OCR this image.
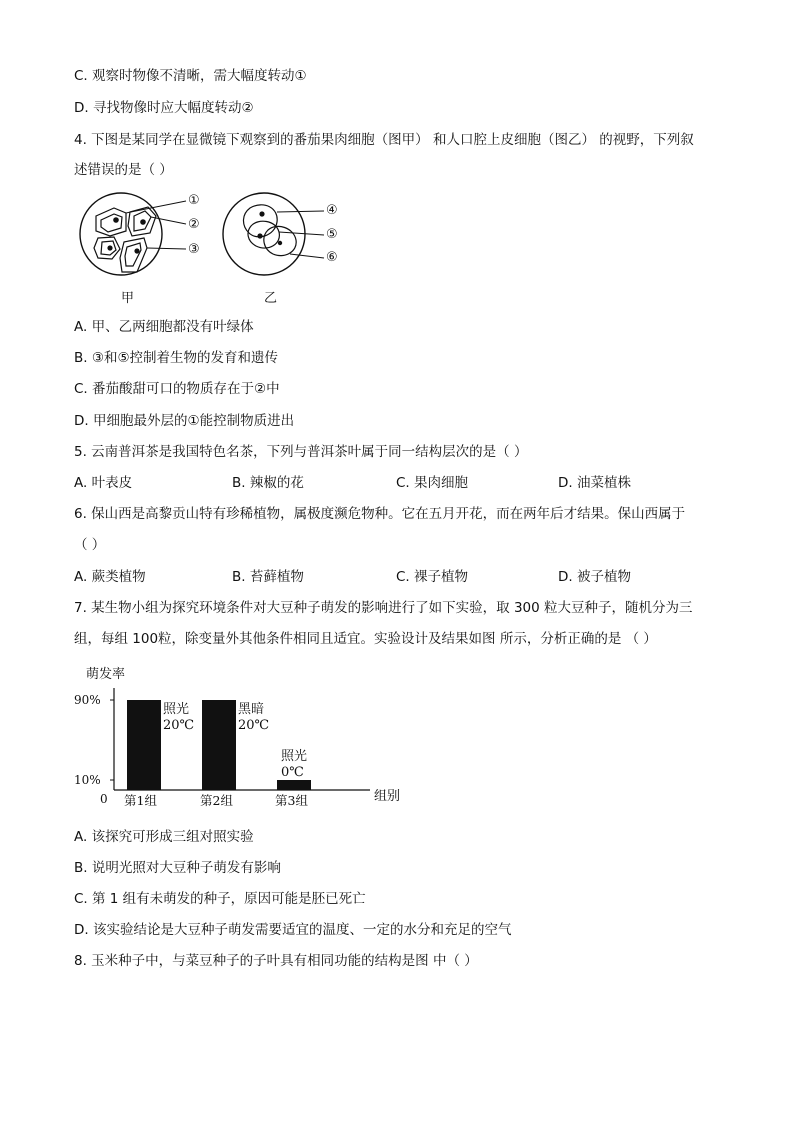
C. 观察时物像不清晰，需大幅度转动①
D. 寻找物像时应大幅度转动②
4. 下图是某同学在显微镜下观察到的番茄果肉细胞（图甲） 和人口腔上皮细胞（图乙） 的视野，下列叙
述错误的是（ ）
①
②
③
④
⑤
⑥
甲	乙
A. 甲、乙两细胞都没有叶绿体
B. ③和⑤控制着生物的发育和遗传
C. 番茄酸甜可口的物质存在于②中
D. 甲细胞最外层的①能控制物质进出
5. 云南普洱茶是我国特色名茶，下列与普洱茶叶属于同一结构层次的是（ ）
A. 叶表皮	B. 辣椒的花	C. 果肉细胞	D. 油菜植株
6. 保山西是高黎贡山特有珍稀植物，属极度濒危物种。它在五月开花，而在两年后才结果。保山西属于
（ ）
A. 蕨类植物	B. 苔藓植物	C. 裸子植物	D. 被子植物
7. 某生物小组为探究环境条件对大豆种子萌发的影响进行了如下实验，取 300 粒大豆种子，随机分为三
组，每组 100粒，除变量外其他条件相同且适宜。实验设计及结果如图 所示，分析正确的是 （ ）
萌发率
0	组别
90%
10%
照光
20℃
第1组
黑暗
20℃
第2组
照光
0℃
第3组
A. 该探究可形成三组对照实验
B. 说明光照对大豆种子萌发有影响
C. 第 1 组有未萌发的种子，原因可能是胚已死亡
D. 该实验结论是大豆种子萌发需要适宜的温度、一定的水分和充足的空气
8. 玉米种子中，与菜豆种子的子叶具有相同功能的结构是图 中（ ）
